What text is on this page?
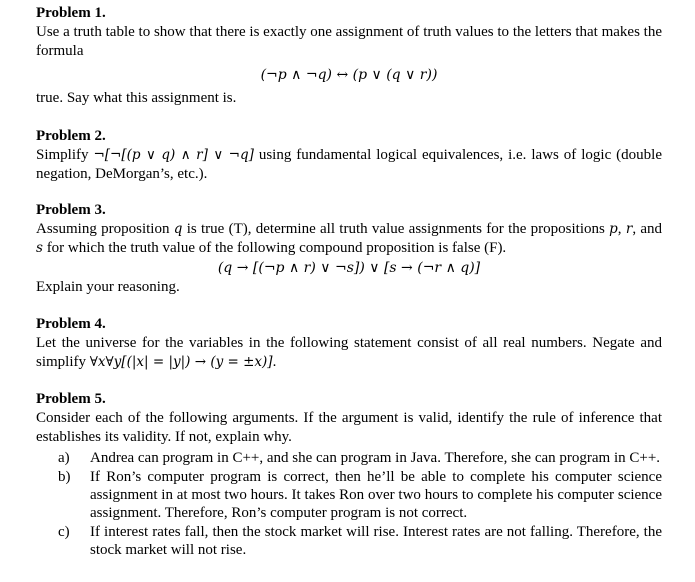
Problem 1.

Use a truth table to show that there is exactly one assignment of truth values to the letters that makes the formula

(¬p ∧ ¬q) ↔ (p ∨ (q ∨ r))

true. Say what this assignment is.

Problem 2.

Simplify ¬[¬[(p ∨ q) ∧ r] ∨ ¬q] using fundamental logical equivalences, i.e. laws of logic (double negation, DeMorgan’s, etc.).

Problem 3.

Assuming proposition q is true (T), determine all truth value assignments for the propositions p, r, and s for which the truth value of the following compound proposition is false (F).

(q → [(¬p ∧ r) ∨ ¬s]) ∨ [s → (¬r ∧ q)]

Explain your reasoning.

Problem 4.

Let the universe for the variables in the following statement consist of all real numbers. Negate and simplify ∀x∀y[(|x| = |y|) → (y = ±x)].

Problem 5.

Consider each of the following arguments. If the argument is valid, identify the rule of inference that establishes its validity. If not, explain why.

a)	Andrea can program in C++, and she can program in Java. Therefore, she can program in C++.
b)	If Ron’s computer program is correct, then he’ll be able to complete his computer science assignment in at most two hours. It takes Ron over two hours to complete his computer science assignment. Therefore, Ron’s computer program is not correct.
c)	If interest rates fall, then the stock market will rise. Interest rates are not falling. Therefore, the stock market will not rise.
